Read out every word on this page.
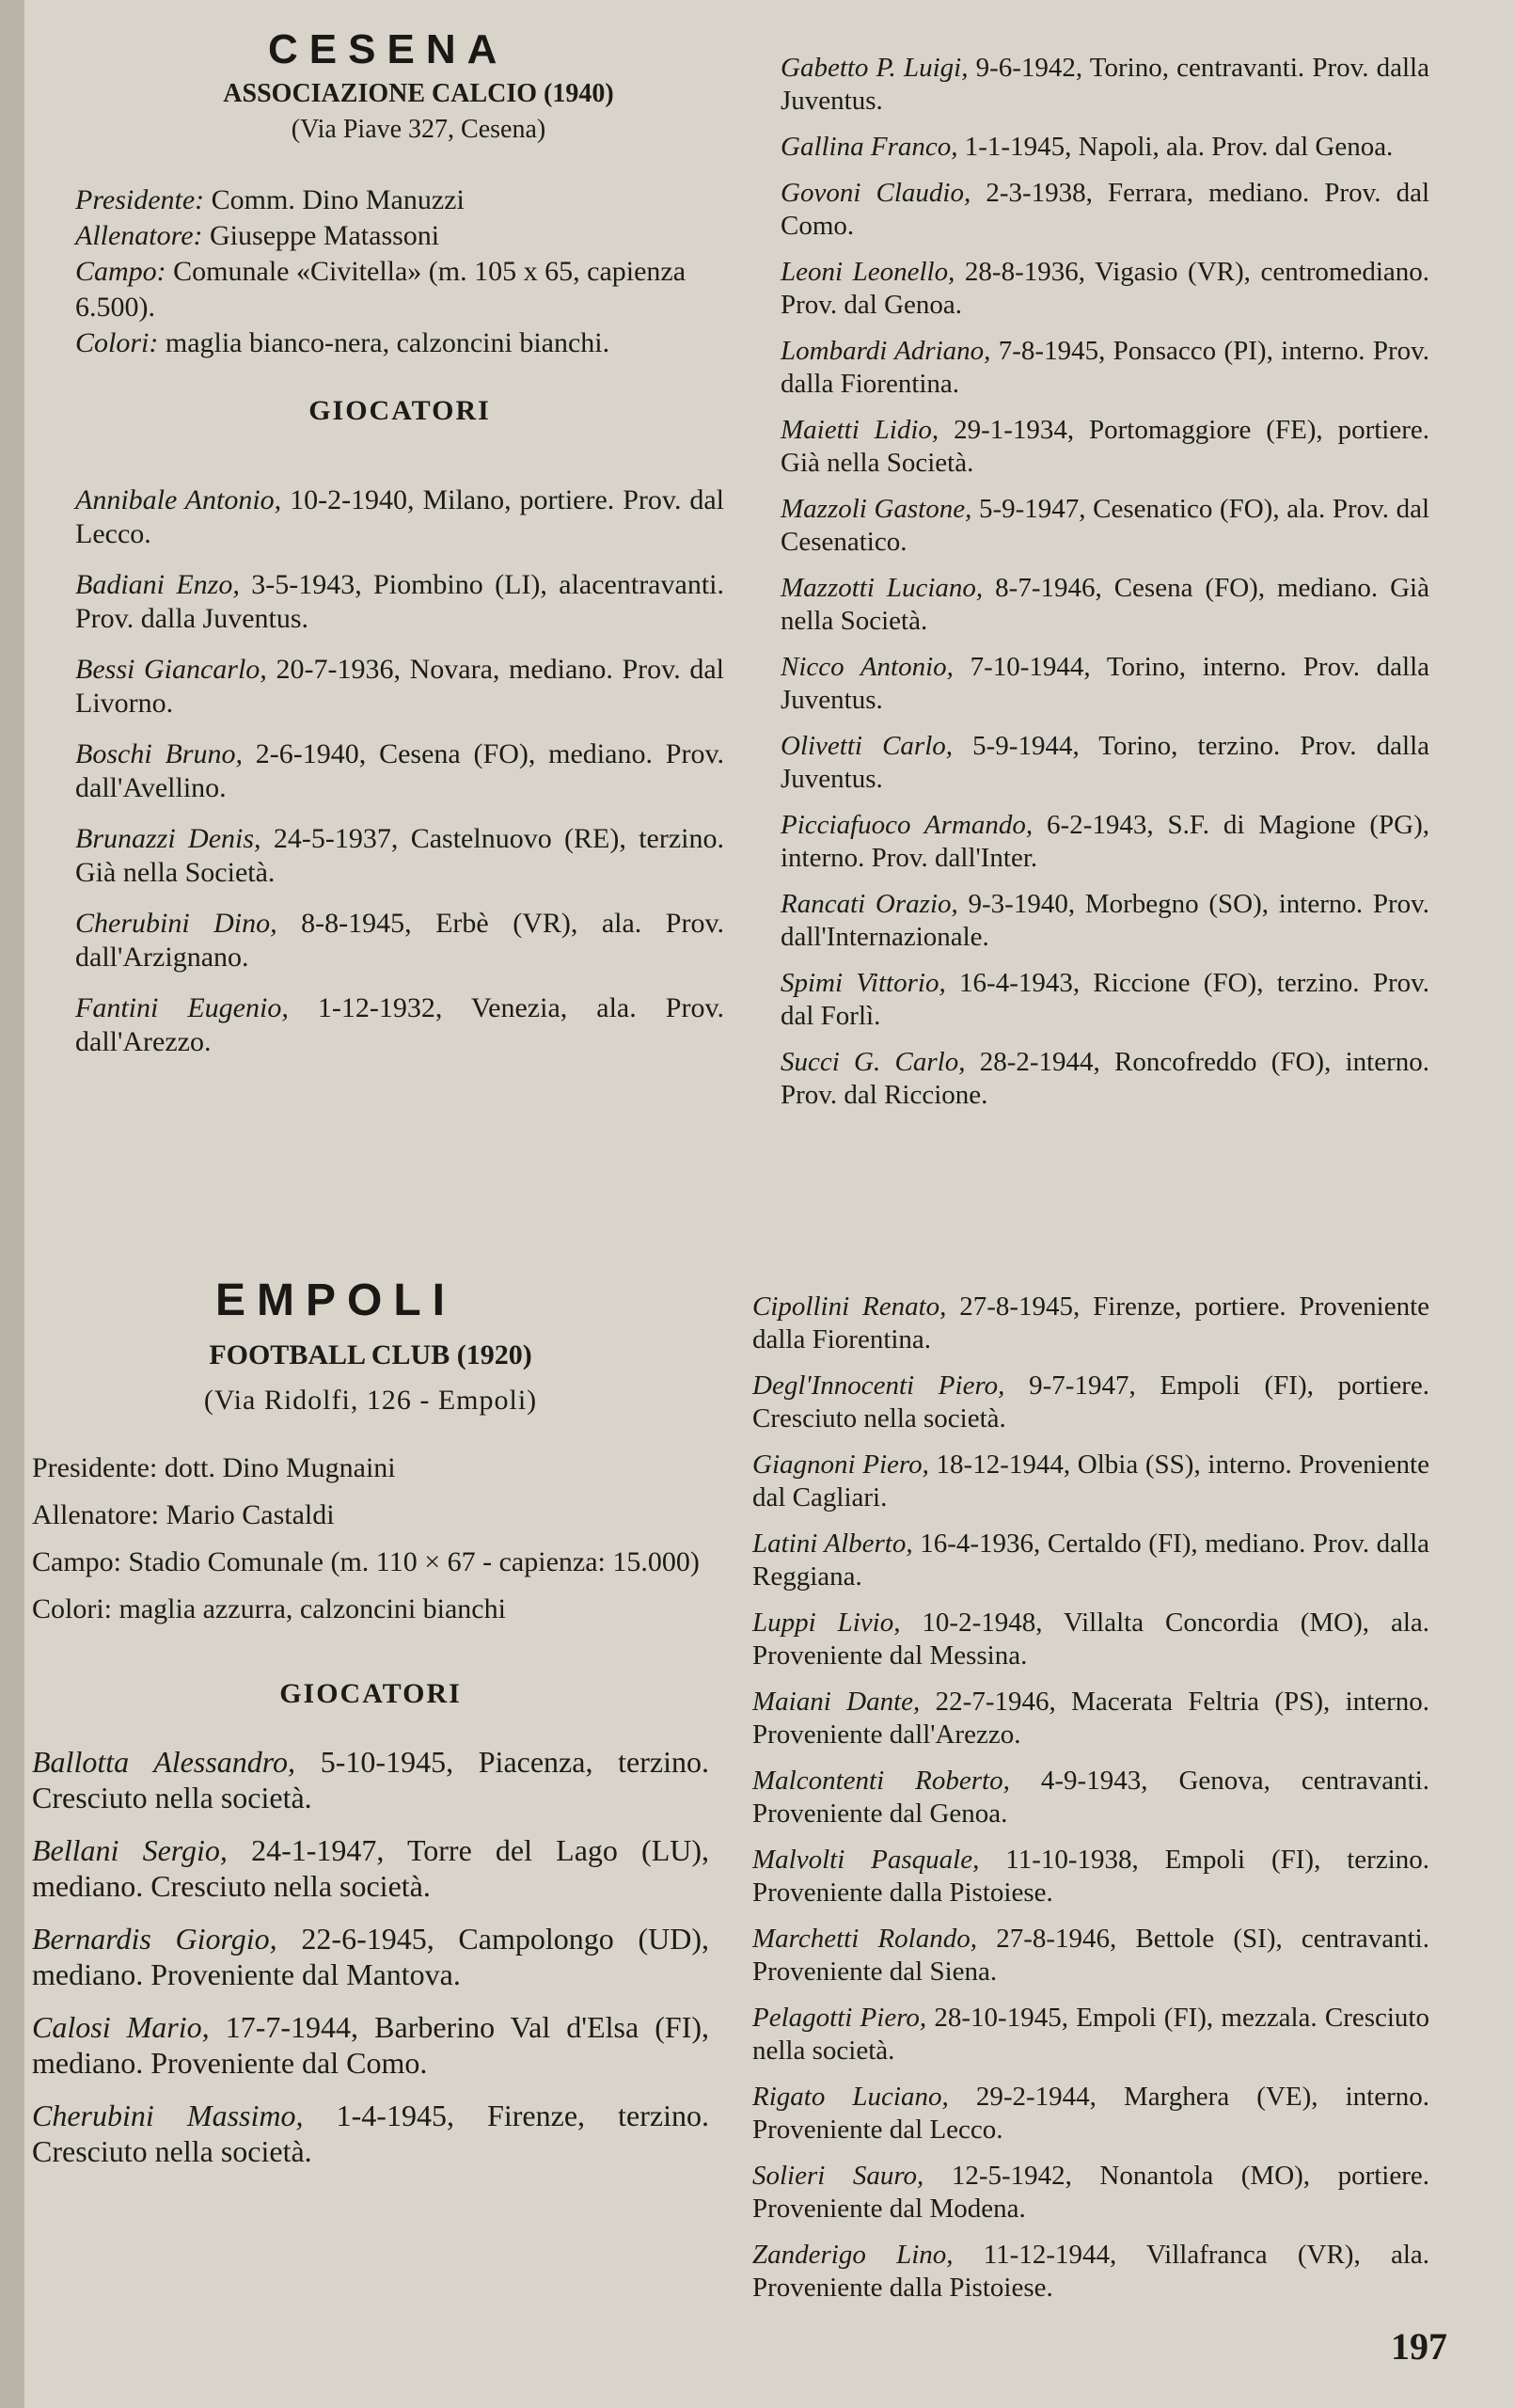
CESENA
ASSOCIAZIONE CALCIO (1940)
(Via Piave 327, Cesena)

Presidente: Comm. Dino Manuzzi

Allenatore: Giuseppe Matassoni

Campo: Comunale «Civitella» (m. 105 x 65, capienza 6.500).

Colori: maglia bianco-nera, calzoncini bianchi.

GIOCATORI

Annibale Antonio, 10-2-1940, Milano, portiere. Prov. dal Lecco.

Badiani Enzo, 3-5-1943, Piombino (LI), alacentravanti. Prov. dalla Juventus.

Bessi Giancarlo, 20-7-1936, Novara, mediano. Prov. dal Livorno.

Boschi Bruno, 2-6-1940, Cesena (FO), mediano. Prov. dall'Avellino.

Brunazzi Denis, 24-5-1937, Castelnuovo (RE), terzino. Già nella Società.

Cherubini Dino, 8-8-1945, Erbè (VR), ala. Prov. dall'Arzignano.

Fantini Eugenio, 1-12-1932, Venezia, ala. Prov. dall'Arezzo.

Gabetto P. Luigi, 9-6-1942, Torino, centravanti. Prov. dalla Juventus.

Gallina Franco, 1-1-1945, Napoli, ala. Prov. dal Genoa.

Govoni Claudio, 2-3-1938, Ferrara, mediano. Prov. dal Como.

Leoni Leonello, 28-8-1936, Vigasio (VR), centromediano. Prov. dal Genoa.

Lombardi Adriano, 7-8-1945, Ponsacco (PI), interno. Prov. dalla Fiorentina.

Maietti Lidio, 29-1-1934, Portomaggiore (FE), portiere. Già nella Società.

Mazzoli Gastone, 5-9-1947, Cesenatico (FO), ala. Prov. dal Cesenatico.

Mazzotti Luciano, 8-7-1946, Cesena (FO), mediano. Già nella Società.

Nicco Antonio, 7-10-1944, Torino, interno. Prov. dalla Juventus.

Olivetti Carlo, 5-9-1944, Torino, terzino. Prov. dalla Juventus.

Picciafuoco Armando, 6-2-1943, S.F. di Magione (PG), interno. Prov. dall'Inter.

Rancati Orazio, 9-3-1940, Morbegno (SO), interno. Prov. dall'Internazionale.

Spimi Vittorio, 16-4-1943, Riccione (FO), terzino. Prov. dal Forlì.

Succi G. Carlo, 28-2-1944, Roncofreddo (FO), interno. Prov. dal Riccione.

EMPOLI
FOOTBALL CLUB (1920)
(Via Ridolfi, 126 - Empoli)

Presidente: dott. Dino Mugnaini

Allenatore: Mario Castaldi

Campo: Stadio Comunale (m. 110 × 67 - capienza: 15.000)

Colori: maglia azzurra, calzoncini bianchi

GIOCATORI

Ballotta Alessandro, 5-10-1945, Piacenza, terzino. Cresciuto nella società.

Bellani Sergio, 24-1-1947, Torre del Lago (LU), mediano. Cresciuto nella società.

Bernardis Giorgio, 22-6-1945, Campolongo (UD), mediano. Proveniente dal Mantova.

Calosi Mario, 17-7-1944, Barberino Val d'Elsa (FI), mediano. Proveniente dal Como.

Cherubini Massimo, 1-4-1945, Firenze, terzino. Cresciuto nella società.

Cipollini Renato, 27-8-1945, Firenze, portiere. Proveniente dalla Fiorentina.

Degl'Innocenti Piero, 9-7-1947, Empoli (FI), portiere. Cresciuto nella società.

Giagnoni Piero, 18-12-1944, Olbia (SS), interno. Proveniente dal Cagliari.

Latini Alberto, 16-4-1936, Certaldo (FI), mediano. Prov. dalla Reggiana.

Luppi Livio, 10-2-1948, Villalta Concordia (MO), ala. Proveniente dal Messina.

Maiani Dante, 22-7-1946, Macerata Feltria (PS), interno. Proveniente dall'Arezzo.

Malcontenti Roberto, 4-9-1943, Genova, centravanti. Proveniente dal Genoa.

Malvolti Pasquale, 11-10-1938, Empoli (FI), terzino. Proveniente dalla Pistoiese.

Marchetti Rolando, 27-8-1946, Bettole (SI), centravanti. Proveniente dal Siena.

Pelagotti Piero, 28-10-1945, Empoli (FI), mezzala. Cresciuto nella società.

Rigato Luciano, 29-2-1944, Marghera (VE), interno. Proveniente dal Lecco.

Solieri Sauro, 12-5-1942, Nonantola (MO), portiere. Proveniente dal Modena.

Zanderigo Lino, 11-12-1944, Villafranca (VR), ala. Proveniente dalla Pistoiese.

197
